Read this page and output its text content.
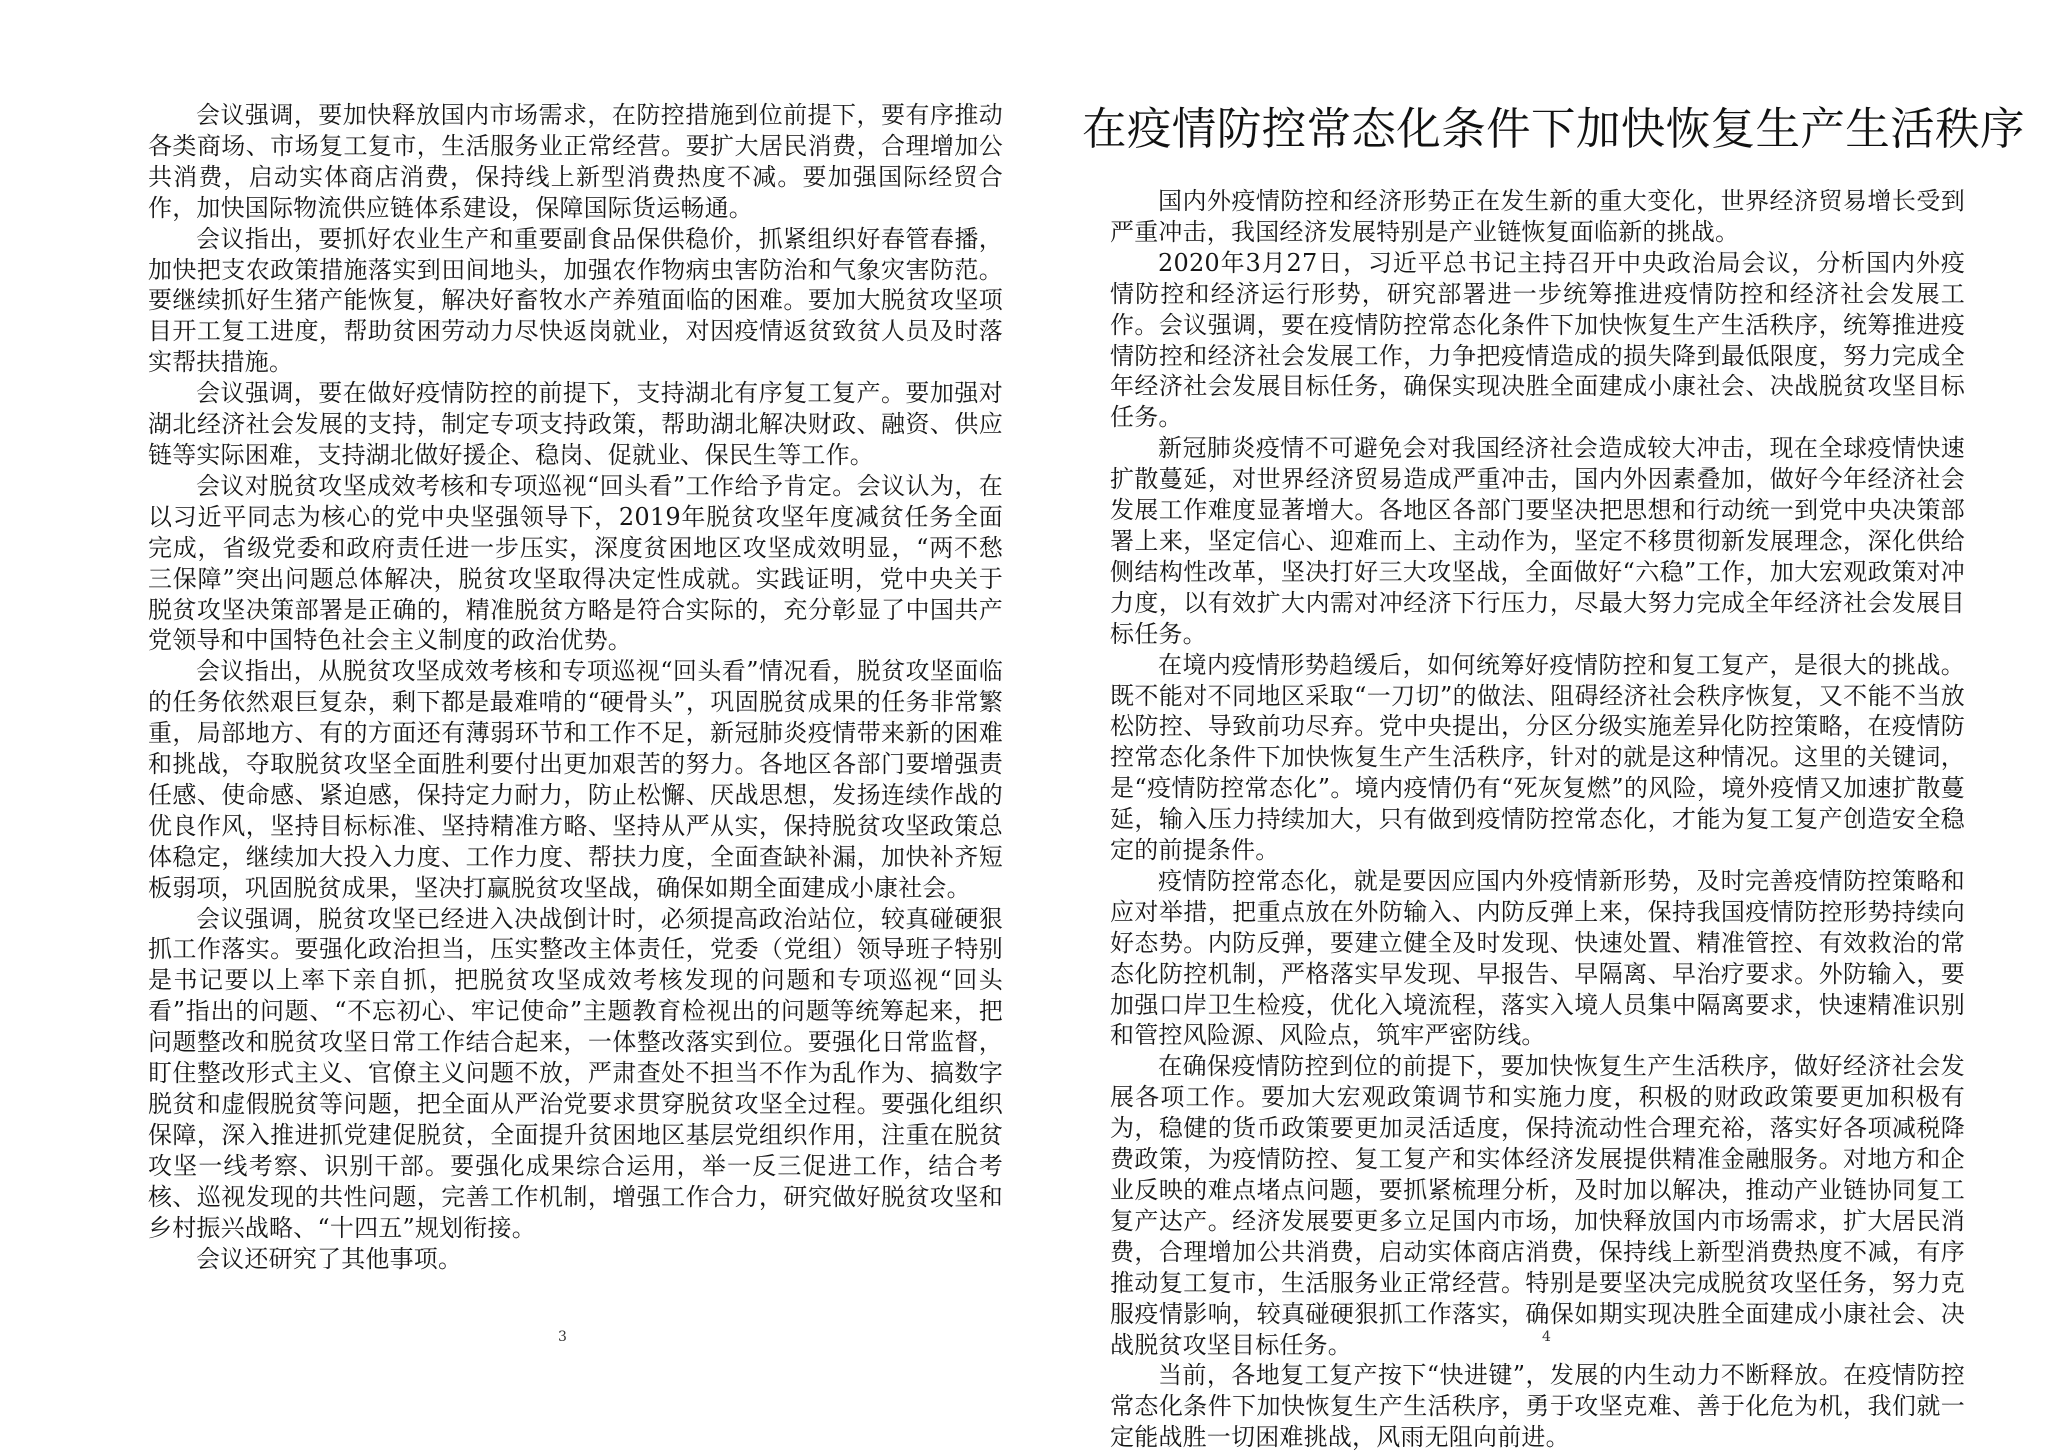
会议强调，要加快释放国内市场需求，在防控措施到位前提下，要有序推动各类商场、市场复工复市，生活服务业正常经营。要扩大居民消费，合理增加公共消费，启动实体商店消费，保持线上新型消费热度不减。要加强国际经贸合作，加快国际物流供应链体系建设，保障国际货运畅通。

会议指出，要抓好农业生产和重要副食品保供稳价，抓紧组织好春管春播，加快把支农政策措施落实到田间地头，加强农作物病虫害防治和气象灾害防范。要继续抓好生猪产能恢复，解决好畜牧水产养殖面临的困难。要加大脱贫攻坚项目开工复工进度，帮助贫困劳动力尽快返岗就业，对因疫情返贫致贫人员及时落实帮扶措施。

会议强调，要在做好疫情防控的前提下，支持湖北有序复工复产。要加强对湖北经济社会发展的支持，制定专项支持政策，帮助湖北解决财政、融资、供应链等实际困难，支持湖北做好援企、稳岗、促就业、保民生等工作。

会议对脱贫攻坚成效考核和专项巡视“回头看”工作给予肯定。会议认为，在以习近平同志为核心的党中央坚强领导下，2019年脱贫攻坚年度减贫任务全面完成，省级党委和政府责任进一步压实，深度贫困地区攻坚成效明显，“两不愁三保障”突出问题总体解决，脱贫攻坚取得决定性成就。实践证明，党中央关于脱贫攻坚决策部署是正确的，精准脱贫方略是符合实际的，充分彰显了中国共产党领导和中国特色社会主义制度的政治优势。

会议指出，从脱贫攻坚成效考核和专项巡视“回头看”情况看，脱贫攻坚面临的任务依然艰巨复杂，剩下都是最难啃的“硬骨头”，巩固脱贫成果的任务非常繁重，局部地方、有的方面还有薄弱环节和工作不足，新冠肺炎疫情带来新的困难和挑战，夺取脱贫攻坚全面胜利要付出更加艰苦的努力。各地区各部门要增强责任感、使命感、紧迫感，保持定力耐力，防止松懈、厌战思想，发扬连续作战的优良作风，坚持目标标准、坚持精准方略、坚持从严从实，保持脱贫攻坚政策总体稳定，继续加大投入力度、工作力度、帮扶力度，全面查缺补漏，加快补齐短板弱项，巩固脱贫成果，坚决打赢脱贫攻坚战，确保如期全面建成小康社会。

会议强调，脱贫攻坚已经进入决战倒计时，必须提高政治站位，较真碰硬狠抓工作落实。要强化政治担当，压实整改主体责任，党委（党组）领导班子特别是书记要以上率下亲自抓，把脱贫攻坚成效考核发现的问题和专项巡视“回头看”指出的问题、“不忘初心、牢记使命”主题教育检视出的问题等统筹起来，把问题整改和脱贫攻坚日常工作结合起来，一体整改落实到位。要强化日常监督，盯住整改形式主义、官僚主义问题不放，严肃查处不担当不作为乱作为、搞数字脱贫和虚假脱贫等问题，把全面从严治党要求贯穿脱贫攻坚全过程。要强化组织保障，深入推进抓党建促脱贫，全面提升贫困地区基层党组织作用，注重在脱贫攻坚一线考察、识别干部。要强化成果综合运用，举一反三促进工作，结合考核、巡视发现的共性问题，完善工作机制，增强工作合力，研究做好脱贫攻坚和乡村振兴战略、“十四五”规划衔接。

会议还研究了其他事项。

3
在疫情防控常态化条件下加快恢复生产生活秩序

国内外疫情防控和经济形势正在发生新的重大变化，世界经济贸易增长受到严重冲击，我国经济发展特别是产业链恢复面临新的挑战。

2020年3月27日，习近平总书记主持召开中央政治局会议，分析国内外疫情防控和经济运行形势，研究部署进一步统筹推进疫情防控和经济社会发展工作。会议强调，要在疫情防控常态化条件下加快恢复生产生活秩序，统筹推进疫情防控和经济社会发展工作，力争把疫情造成的损失降到最低限度，努力完成全年经济社会发展目标任务，确保实现决胜全面建成小康社会、决战脱贫攻坚目标任务。

新冠肺炎疫情不可避免会对我国经济社会造成较大冲击，现在全球疫情快速扩散蔓延，对世界经济贸易造成严重冲击，国内外因素叠加，做好今年经济社会发展工作难度显著增大。各地区各部门要坚决把思想和行动统一到党中央决策部署上来，坚定信心、迎难而上、主动作为，坚定不移贯彻新发展理念，深化供给侧结构性改革，坚决打好三大攻坚战，全面做好“六稳”工作，加大宏观政策对冲力度，以有效扩大内需对冲经济下行压力，尽最大努力完成全年经济社会发展目标任务。

在境内疫情形势趋缓后，如何统筹好疫情防控和复工复产，是很大的挑战。既不能对不同地区采取“一刀切”的做法、阻碍经济社会秩序恢复，又不能不当放松防控、导致前功尽弃。党中央提出，分区分级实施差异化防控策略，在疫情防控常态化条件下加快恢复生产生活秩序，针对的就是这种情况。这里的关键词，是“疫情防控常态化”。境内疫情仍有“死灰复燃”的风险，境外疫情又加速扩散蔓延，输入压力持续加大，只有做到疫情防控常态化，才能为复工复产创造安全稳定的前提条件。

疫情防控常态化，就是要因应国内外疫情新形势，及时完善疫情防控策略和应对举措，把重点放在外防输入、内防反弹上来，保持我国疫情防控形势持续向好态势。内防反弹，要建立健全及时发现、快速处置、精准管控、有效救治的常态化防控机制，严格落实早发现、早报告、早隔离、早治疗要求。外防输入，要加强口岸卫生检疫，优化入境流程，落实入境人员集中隔离要求，快速精准识别和管控风险源、风险点，筑牢严密防线。

在确保疫情防控到位的前提下，要加快恢复生产生活秩序，做好经济社会发展各项工作。要加大宏观政策调节和实施力度，积极的财政政策要更加积极有为，稳健的货币政策要更加灵活适度，保持流动性合理充裕，落实好各项减税降费政策，为疫情防控、复工复产和实体经济发展提供精准金融服务。对地方和企业反映的难点堵点问题，要抓紧梳理分析，及时加以解决，推动产业链协同复工复产达产。经济发展要更多立足国内市场，加快释放国内市场需求，扩大居民消费，合理增加公共消费，启动实体商店消费，保持线上新型消费热度不减，有序推动复工复市，生活服务业正常经营。特别是要坚决完成脱贫攻坚任务，努力克服疫情影响，较真碰硬狠抓工作落实，确保如期实现决胜全面建成小康社会、决战脱贫攻坚目标任务。

当前，各地复工复产按下“快进键”，发展的内生动力不断释放。在疫情防控常态化条件下加快恢复生产生活秩序，勇于攻坚克难、善于化危为机，我们就一定能战胜一切困难挑战，风雨无阻向前进。

4
